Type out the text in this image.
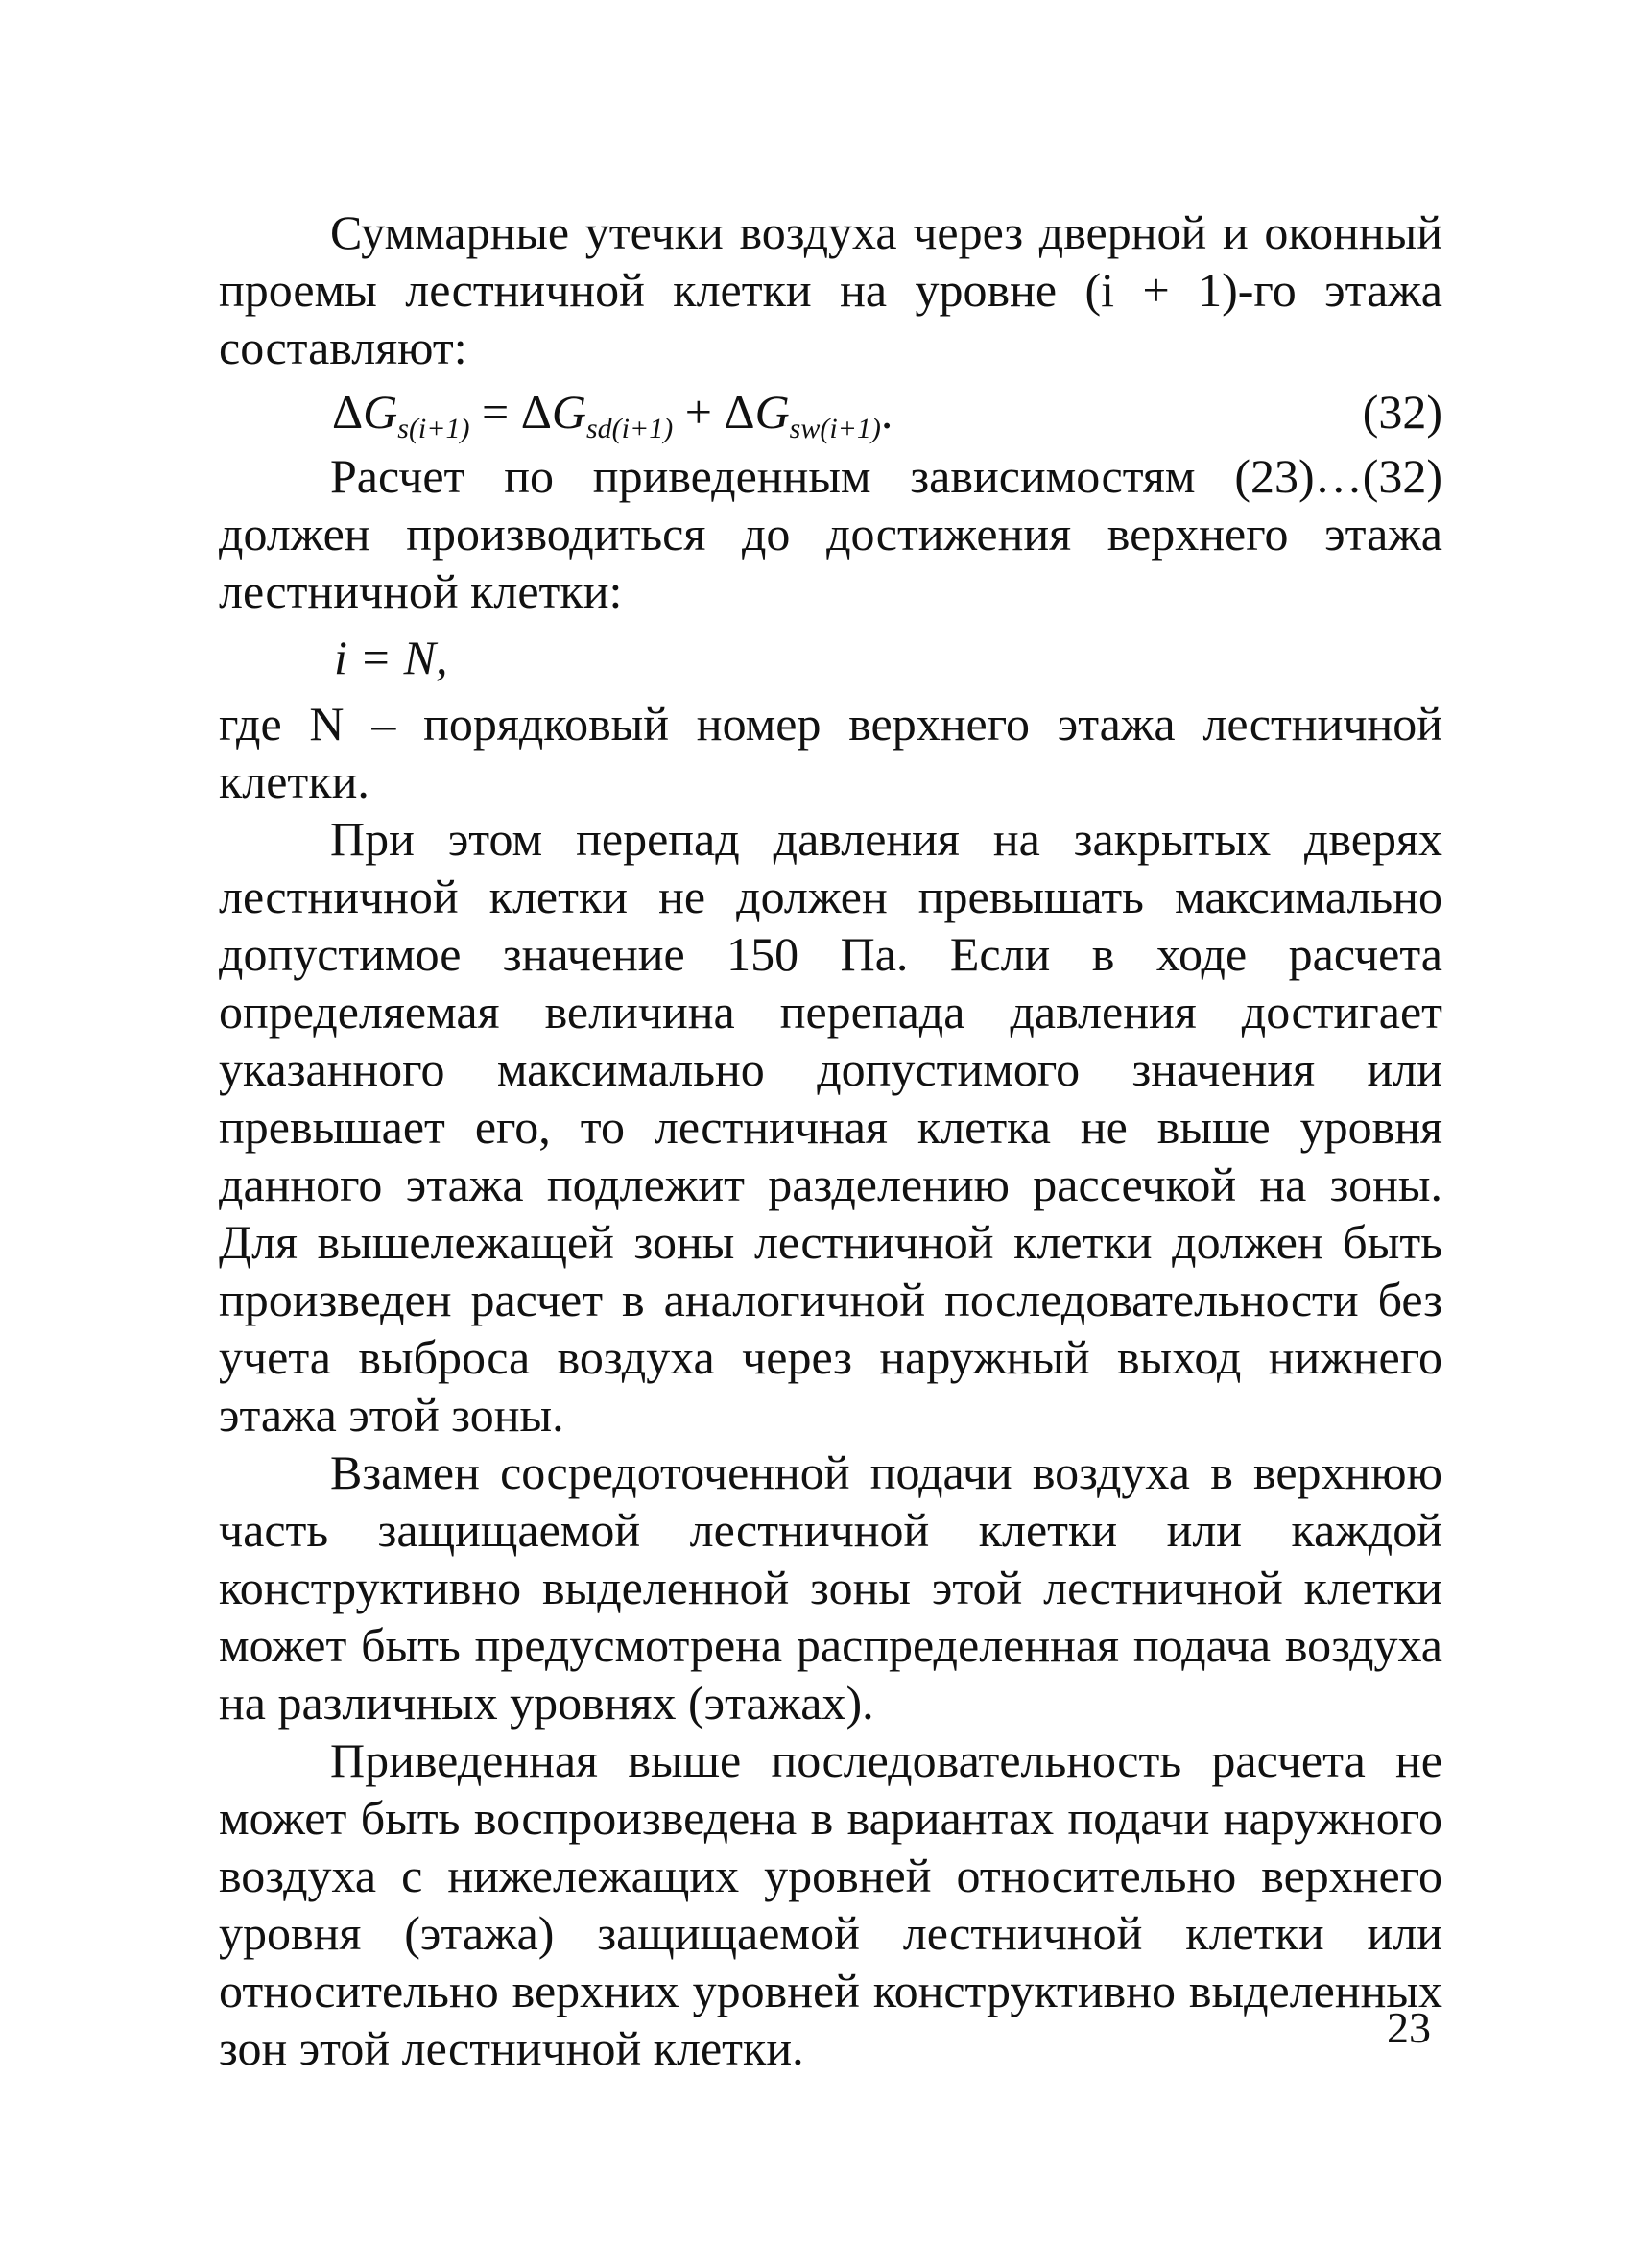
Суммарные утечки воздуха через дверной и оконный проемы лестничной клетки на уровне (i + 1)-го этажа составляют:

$\Delta G_{s(i+1)} = \Delta G_{sd(i+1)} + \Delta G_{sw(i+1)}$.	(32)

Расчет по приведенным зависимостям (23)…(32) должен производиться до достижения верхнего этажа лестничной клетки:

i = N,

где N – порядковый номер верхнего этажа лестничной клетки.

При этом перепад давления на закрытых дверях лестничной клетки не должен превышать максимально допустимое значение 150 Па. Если в ходе расчета определяемая величина перепада давления достигает указанного максимально допустимого значения или превышает его, то лестничная клетка не выше уровня данного этажа подлежит разделению рассечкой на зоны. Для вышележащей зоны лестничной клетки должен быть произведен расчет в аналогичной последовательности без учета выброса воздуха через наружный выход нижнего этажа этой зоны.

Взамен сосредоточенной подачи воздуха в верхнюю часть защищаемой лестничной клетки или каждой конструктивно выделенной зоны этой лестничной клетки может быть предусмотрена распределенная подача воздуха на различных уровнях (этажах).

Приведенная выше последовательность расчета не может быть воспроизведена в вариантах подачи наружного воздуха с нижележащих уровней относительно верхнего уровня (этажа) защищаемой лестничной клетки или относительно верхних уровней конструктивно выделенных зон этой лестничной клетки.	23
